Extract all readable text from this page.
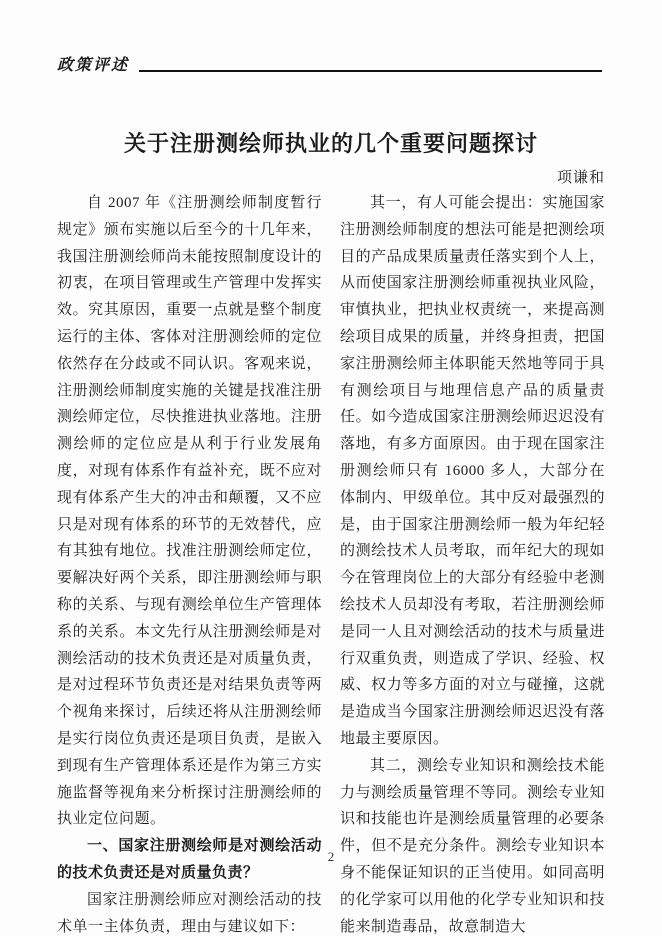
政策评述
关于注册测绘师执业的几个重要问题探讨
项谦和

自 2007 年《注册测绘师制度暂行规定》颁布实施以后至今的十几年来，我国注册测绘师尚未能按照制度设计的初衷，在项目管理或生产管理中发挥实效。究其原因，重要一点就是整个制度运行的主体、客体对注册测绘师的定位依然存在分歧或不同认识。客观来说，注册测绘师制度实施的关键是找准注册测绘师定位，尽快推进执业落地。注册测绘师的定位应是从利于行业发展角度，对现有体系作有益补充，既不应对现有体系产生大的冲击和颠覆，又不应只是对现有体系的环节的无效替代，应有其独有地位。找准注册测绘师定位，要解决好两个关系，即注册测绘师与职称的关系、与现有测绘单位生产管理体系的关系。本文先行从注册测绘师是对测绘活动的技术负责还是对质量负责，是对过程环节负责还是对结果负责等两个视角来探讨，后续还将从注册测绘师是实行岗位负责还是项目负责，是嵌入到现有生产管理体系还是作为第三方实施监督等视角来分析探讨注册测绘师的执业定位问题。

一、国家注册测绘师是对测绘活动的技术负责还是对质量负责？

国家注册测绘师应对测绘活动的技术单一主体负责，理由与建议如下：

其一，有人可能会提出：实施国家注册测绘师制度的想法可能是把测绘项目的产品成果质量责任落实到个人上，从而使国家注册测绘师重视执业风险，审慎执业，把执业权责统一，来提高测绘项目成果的质量，并终身担责，把国家注册测绘师主体职能天然地等同于具有测绘项目与地理信息产品的质量责任。如今造成国家注册测绘师迟迟没有落地，有多方面原因。由于现在国家注册测绘师只有 16000 多人，大部分在体制内、甲级单位。其中反对最强烈的是，由于国家注册测绘师一般为年纪轻的测绘技术人员考取，而年纪大的现如今在管理岗位上的大部分有经验中老测绘技术人员却没有考取，若注册测绘师是同一人且对测绘活动的技术与质量进行双重负责，则造成了学识、经验、权威、权力等多方面的对立与碰撞，这就是造成当今国家注册测绘师迟迟没有落地最主要原因。

其二，测绘专业知识和测绘技术能力与测绘质量管理不等同。测绘专业知识和技能也许是测绘质量管理的必要条件，但不是充分条件。测绘专业知识本身不能保证知识的正当使用。如同高明的化学家可以用他的化学专业知识和技能来制造毒品，故意制造大

2
